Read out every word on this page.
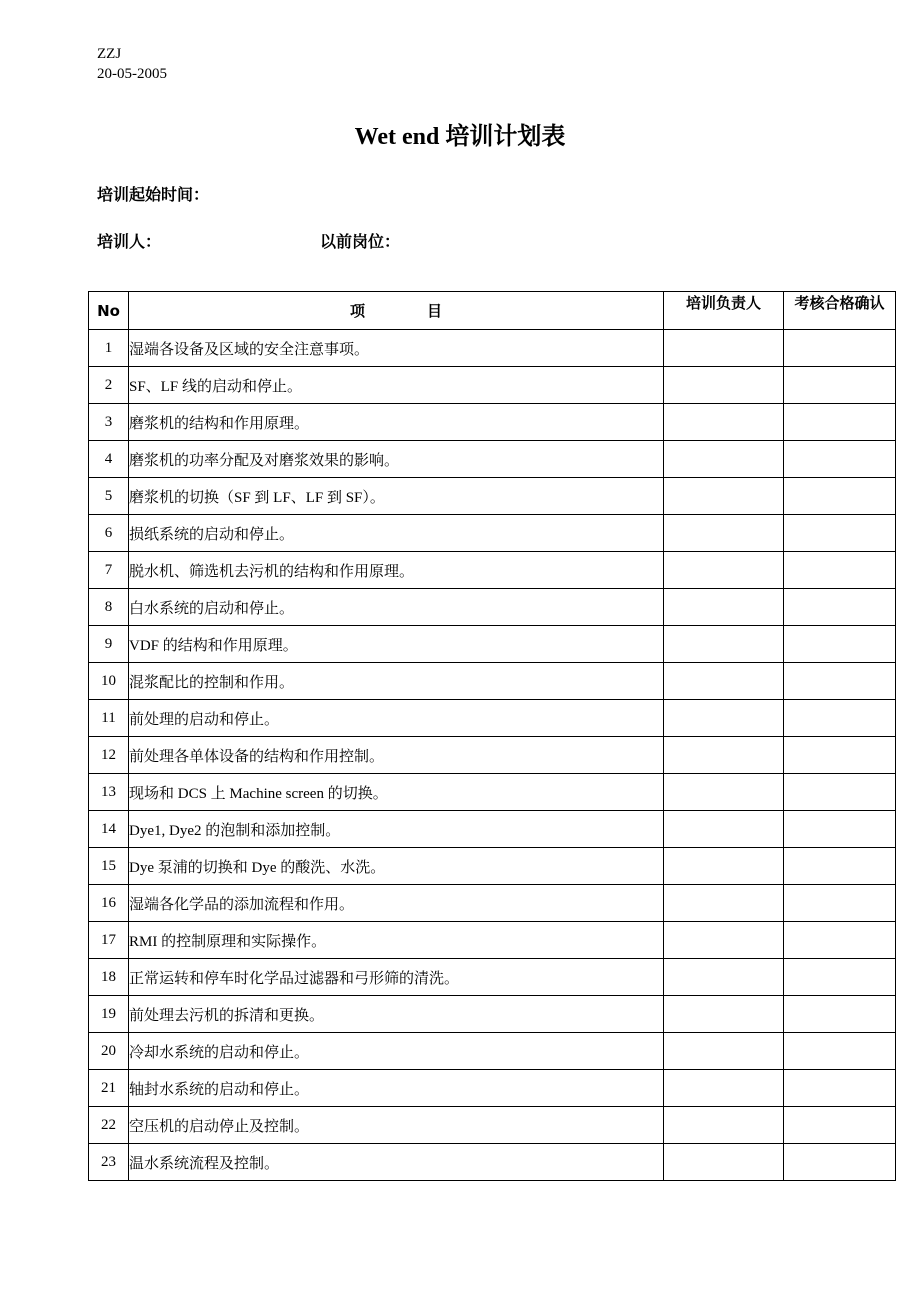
ZZJ
20-05-2005
Wet end 培训计划表
培训起始时间：
培训人：	以前岗位：
No	项 目	培训负责人	考核合格确认
1	湿端各设备及区域的安全注意事项。		
2	SF、LF 线的启动和停止。		
3	磨浆机的结构和作用原理。		
4	磨浆机的功率分配及对磨浆效果的影响。		
5	磨浆机的切换（SF 到 LF、LF 到 SF）。		
6	损纸系统的启动和停止。		
7	脱水机、筛选机去污机的结构和作用原理。		
8	白水系统的启动和停止。		
9	VDF 的结构和作用原理。		
10	混浆配比的控制和作用。		
11	前处理的启动和停止。		
12	前处理各单体设备的结构和作用控制。		
13	现场和 DCS 上 Machine screen 的切换。		
14	Dye1, Dye2 的泡制和添加控制。		
15	Dye 泵浦的切换和 Dye 的酸洗、水洗。		
16	湿端各化学品的添加流程和作用。		
17	RMI 的控制原理和实际操作。		
18	正常运转和停车时化学品过滤器和弓形筛的清洗。		
19	前处理去污机的拆清和更换。		
20	冷却水系统的启动和停止。		
21	轴封水系统的启动和停止。		
22	空压机的启动停止及控制。		
23	温水系统流程及控制。		
